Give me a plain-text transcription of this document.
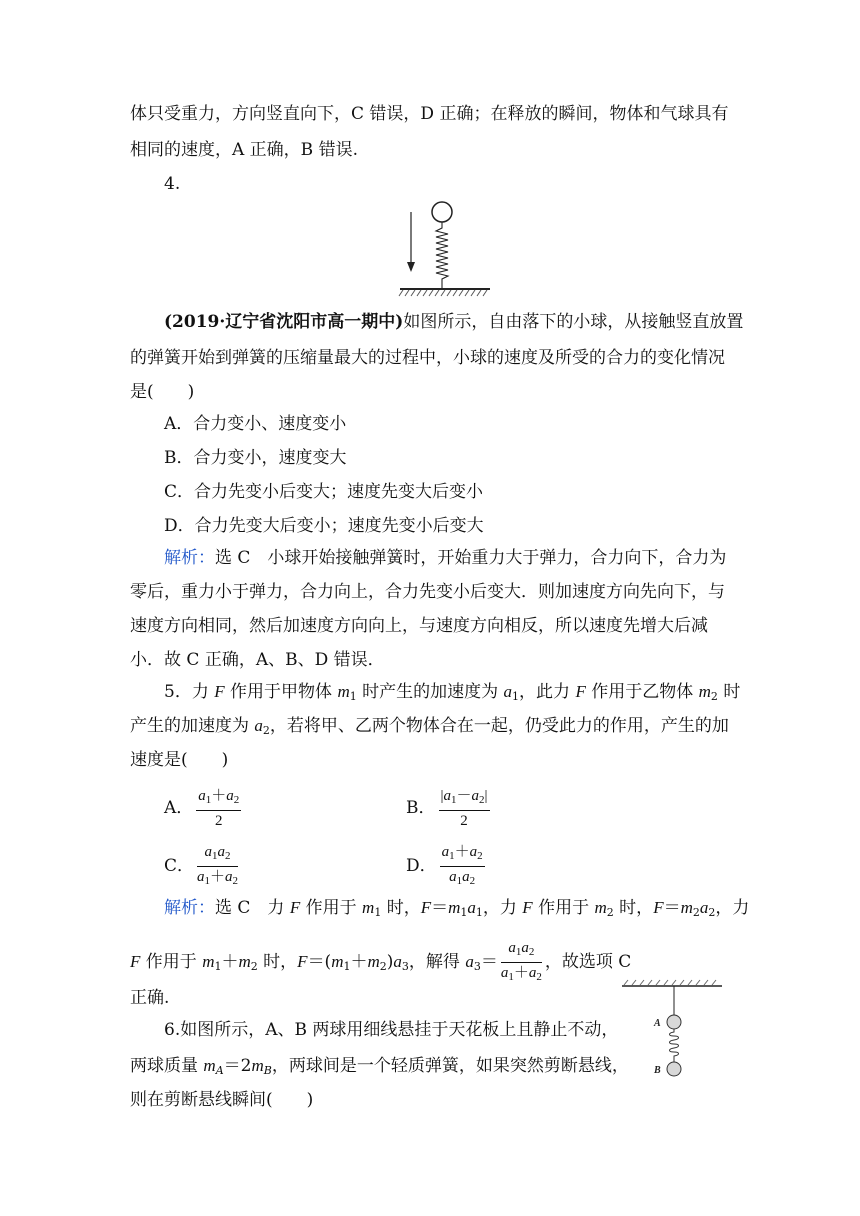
体只受重力，方向竖直向下，C 错误，D 正确；在释放的瞬间，物体和气球具有
相同的速度，A 正确，B 错误.
4.
(2019·辽宁省沈阳市高一期中)如图所示，自由落下的小球，从接触竖直放置
的弹簧开始到弹簧的压缩量最大的过程中，小球的速度及所受的合力的变化情况
是(　　)
A．合力变小、速度变小
B．合力变小，速度变大
C．合力先变小后变大；速度先变大后变小
D．合力先变大后变小；速度先变小后变大
解析：选 C　小球开始接触弹簧时，开始重力大于弹力，合力向下，合力为
零后，重力小于弹力，合力向上，合力先变小后变大．则加速度方向先向下，与
速度方向相同，然后加速度方向向上，与速度方向相反，所以速度先增大后减
小．故 C 正确，A、B、D 错误．
5．力 F 作用于甲物体 $m_1$ 时产生的加速度为 $a_1$，此力 F 作用于乙物体 $m_2$ 时
产生的加速度为 $a_2$，若将甲、乙两个物体合在一起，仍受此力的作用，产生的加
速度是(　　)
A． $\frac{a_1+a_2}{2}$	B． $\frac{|a_1-a_2|}{2}$
C． $\frac{a_1a_2}{a_1+a_2}$	D． $\frac{a_1+a_2}{a_1a_2}$
解析：选 C　力 F 作用于 $m_1$ 时，$F=m_1a_1$，力 F 作用于 $m_2$ 时，$F=m_2a_2$，力
F 作用于 $m_1+m_2$ 时，$F=(m_1+m_2)a_3$，解得 $a_3= \frac{a_1a_2}{a_1+a_2}$ ，故选项 C
正确.
A
B
6.如图所示，A、B 两球用细线悬挂于天花板上且静止不动，
两球质量 $m_A=2m_B$，两球间是一个轻质弹簧，如果突然剪断悬线，
则在剪断悬线瞬间(　　)
